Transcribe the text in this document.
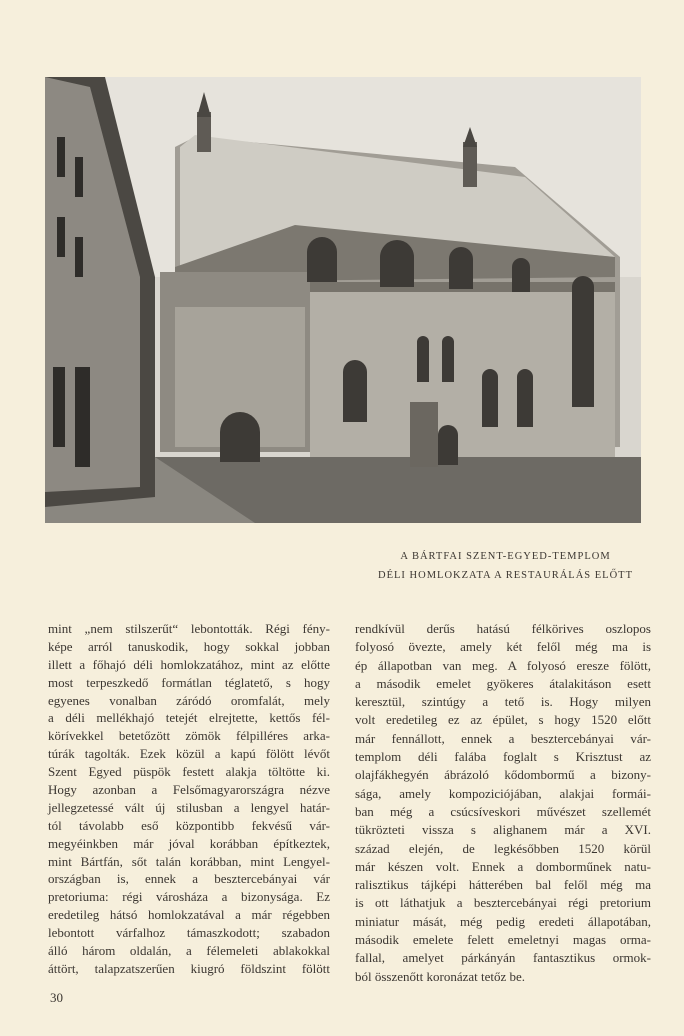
A BÁRTFAI SZENT-EGYED-TEMPLOM
DÉLI HOMLOKZATA A RESTAURÁLÁS ELŐTT
mint „nem stilszerűt“ lebontották. Régi fény-
képe arról tanuskodik, hogy sokkal jobban
illett a főhajó déli homlokzatához, mint az előtte
most terpeszkedő formátlan téglatető, s hogy
egyenes vonalban záródó oromfalát, mely
a déli mellékhajó tetejét elrejtette, kettős fél-
körívekkel betetőzött zömök félpilléres arka-
túrák tagolták. Ezek közül a kapú fölött lévőt
Szent Egyed püspök festett alakja töltötte ki.
Hogy azonban a Felsőmagyarországra nézve
jellegzetessé vált új stilusban a lengyel határ-
tól távolabb eső központibb fekvésű vár-
megyéinkben már jóval korábban építkeztek,
mint Bártfán, sőt talán korábban, mint Lengyel-
országban is, ennek a besztercebányai vár
pretoriuma: régi városháza a bizonysága. Ez
eredetileg hátsó homlokzatával a már régebben
lebontott várfalhoz támaszkodott; szabadon
álló három oldalán, a félemeleti ablakokkal
áttört, talapzatszerűen kiugró földszint fölött
rendkívül derűs hatású félkörives oszlopos
folyosó övezte, amely két felől még ma is
ép állapotban van meg. A folyosó eresze fölött,
a második emelet gyökeres átalakitáson esett
keresztül, szintúgy a tető is. Hogy milyen
volt eredetileg ez az épület, s hogy 1520 előtt
már fennállott, ennek a besztercebányai vár-
templom déli falába foglalt s Krisztust az
olajfákhegyén ábrázoló kődombormű a bizony-
sága, amely kompoziciójában, alakjai formái-
ban még a csúcsíveskori művészet szellemét
tükrözteti vissza s alighanem már a XVI.
század elején, de legkésőbben 1520 körül
már készen volt. Ennek a domborműnek natu-
ralisztikus tájképi hátterében bal felől még ma
is ott láthatjuk a besztercebányai régi pretorium
miniatur mását, még pedig eredeti állapotában,
második emelete felett emeletnyi magas orma-
fallal, amelyet párkányán fantasztikus ormok-
ból összenőtt koronázat tetőz be.
30
